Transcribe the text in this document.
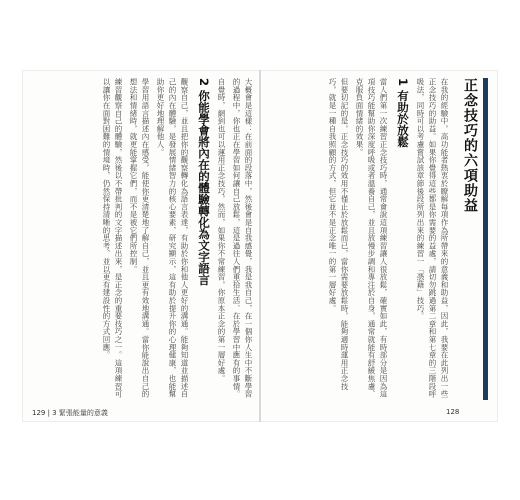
正念技巧的六項助益
在我的經驗中，高功能者熱衷於瞭解每項作為所帶來的意義和助益，因此，我要在此列出一些正念技巧的助益。如果你覺得這些都是你需要的益處，請切勿跳過第二章和第七章的三階段呼吸法，同時可以考慮嘗試該章節後段所列出來的練習一「憑藉」技巧。
1 有助於放鬆
當人們第一次練習正念技巧時，通常會說這項練習讓人很放鬆，確實如此，有時部分是因為這項技巧能幫助你深度呼吸或者溫養自己，並且放慢步調和專注於自身，通常就能有舒緩焦慮、克服負面情緒的效果。
但要切記的是，正念技巧的效用不僅止於放鬆而已，當你需要放鬆時，能夠適時運用正念技巧，就是一種自我照顧的方式，但它並不是正念唯一的第一層好處。
大概會是這樣：在前面的段落中，然後會是自我感覺，我是我自己，在一個你人生中不斷學習的過程中，你也正在學習如何讓自己放鬆，這是過往人們重拾生活、在於學習中應有的事情。
自覺時，網到也可以運用正念技巧，然而，如果你不常練習，你原本正念的第一層好處。
2 你能學會將內在的體驗轉化為文字語言
觀察自己，並且把你的觀察轉化為語言表達，有助於你和他人更好的溝通。能夠知道並描述自己的內在體驗，是發展情緒智力的核心要素，研究顯示，這有助於提升你的心理健康，也能幫助你更好地理解他人。
學習用語言描述內在感受，能使你更清楚地了解自己，並且更有效地溝通。當你能說出自己的想法和情緒時，就更能掌握它們，而不是被它們所控制。
練習觀察自己的體驗，然後以不帶批判的文字描述出來，是正念的重要技巧之一。這項練習可以讓你在面對困難的情境時，仍然保持清晰的思考，並以更有建設性的方式回應。
129 | 3 緊張能量的意義	128
